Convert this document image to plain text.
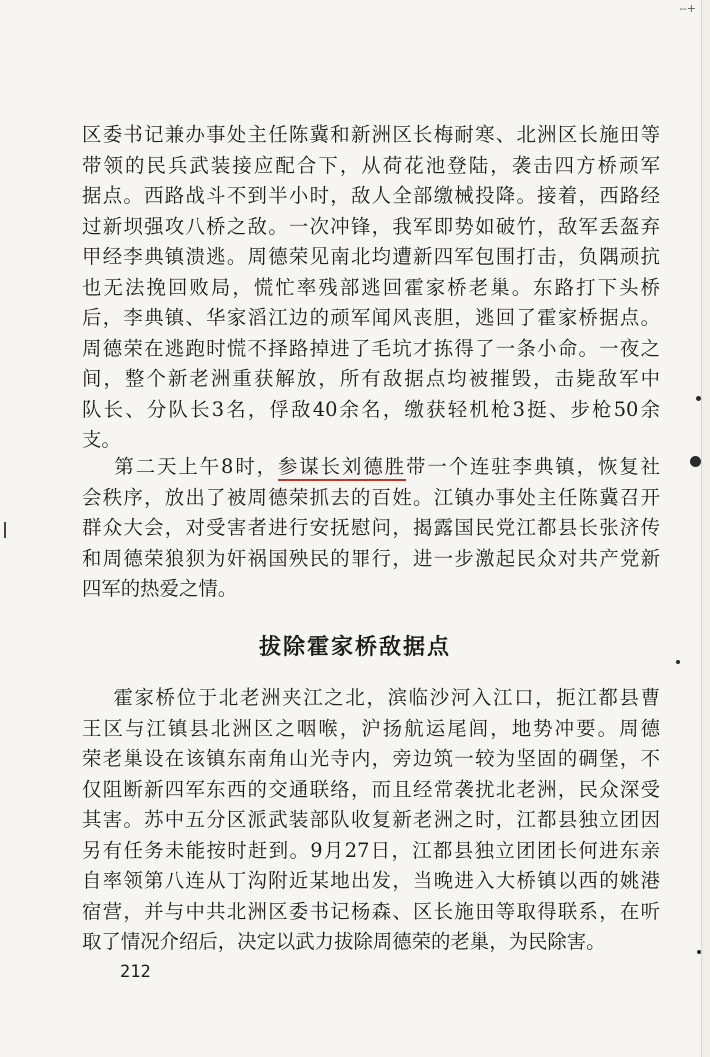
--+
区委书记兼办事处主任陈冀和新洲区长梅耐寒、北洲区长施田等
带领的民兵武装接应配合下，从荷花池登陆，袭击四方桥顽军
据点。西路战斗不到半小时，敌人全部缴械投降。接着，西路经
过新坝强攻八桥之敌。一次冲锋，我军即势如破竹，敌军丢盔弃
甲经李典镇溃逃。周德荣见南北均遭新四军包围打击，负隅顽抗
也无法挽回败局，慌忙率残部逃回霍家桥老巢。东路打下头桥
后，李典镇、华家滔江边的顽军闻风丧胆，逃回了霍家桥据点。
周德荣在逃跑时慌不择路掉进了毛坑才拣得了一条小命。一夜之
间，整个新老洲重获解放，所有敌据点均被摧毁，击毙敌军中
队长、分队长3名，俘敌40余名，缴获轻机枪3挺、步枪50余
支。
第二天上午8时，参谋长刘德胜带一个连驻李典镇，恢复社
会秩序，放出了被周德荣抓去的百姓。江镇办事处主任陈冀召开
群众大会，对受害者进行安抚慰问，揭露国民党江都县长张济传
和周德荣狼狈为奸祸国殃民的罪行，进一步激起民众对共产党新
四军的热爱之情。
拔除霍家桥敌据点
霍家桥位于北老洲夹江之北，滨临沙河入江口，扼江都县曹
王区与江镇县北洲区之咽喉，沪扬航运尾闾，地势冲要。周德
荣老巢设在该镇东南角山光寺内，旁边筑一较为坚固的碉堡，不
仅阻断新四军东西的交通联络，而且经常袭扰北老洲，民众深受
其害。苏中五分区派武装部队收复新老洲之时，江都县独立团因
另有任务未能按时赶到。9月27日，江都县独立团团长何进东亲
自率领第八连从丁沟附近某地出发，当晚进入大桥镇以西的姚港
宿营，并与中共北洲区委书记杨森、区长施田等取得联系，在听
取了情况介绍后，决定以武力拔除周德荣的老巢，为民除害。
212
